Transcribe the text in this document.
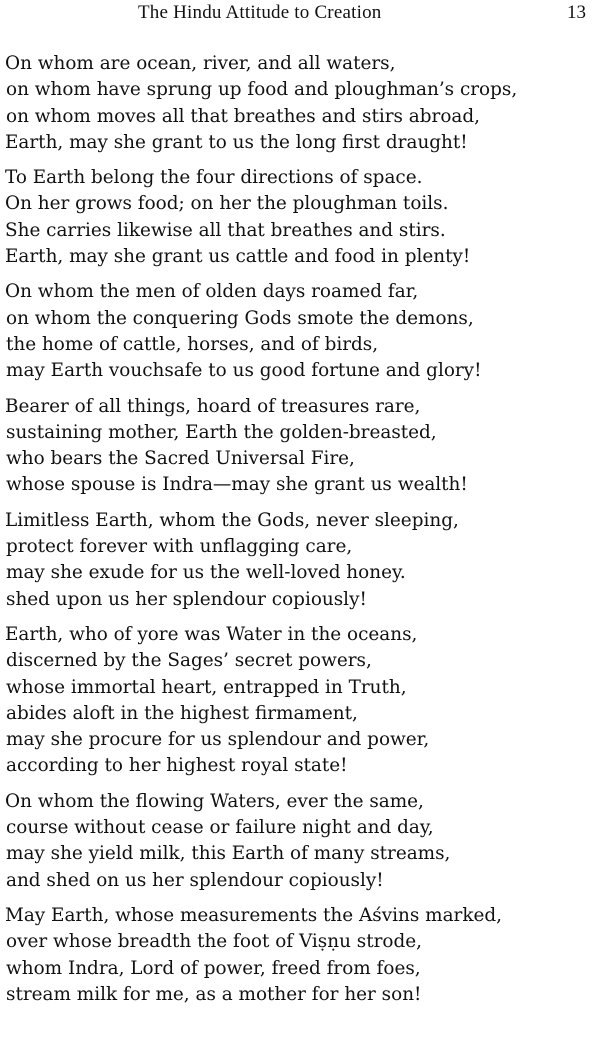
The Hindu Attitude to Creation	13
On whom are ocean, river, and all waters,
on whom have sprung up food and ploughman’s crops,
on whom moves all that breathes and stirs abroad,
Earth, may she grant to us the long first draught!
To Earth belong the four directions of space.
On her grows food; on her the ploughman toils.
She carries likewise all that breathes and stirs.
Earth, may she grant us cattle and food in plenty!
On whom the men of olden days roamed far,
on whom the conquering Gods smote the demons,
the home of cattle, horses, and of birds,
may Earth vouchsafe to us good fortune and glory!
Bearer of all things, hoard of treasures rare,
sustaining mother, Earth the golden-breasted,
who bears the Sacred Universal Fire,
whose spouse is Indra—may she grant us wealth!
Limitless Earth, whom the Gods, never sleeping,
protect forever with unflagging care,
may she exude for us the well-loved honey.
shed upon us her splendour copiously!
Earth, who of yore was Water in the oceans,
discerned by the Sages’ secret powers,
whose immortal heart, entrapped in Truth,
abides aloft in the highest firmament,
may she procure for us splendour and power,
according to her highest royal state!
On whom the flowing Waters, ever the same,
course without cease or failure night and day,
may she yield milk, this Earth of many streams,
and shed on us her splendour copiously!
May Earth, whose measurements the Aśvins marked,
over whose breadth the foot of Viṣṇu strode,
whom Indra, Lord of power, freed from foes,
stream milk for me, as a mother for her son!
